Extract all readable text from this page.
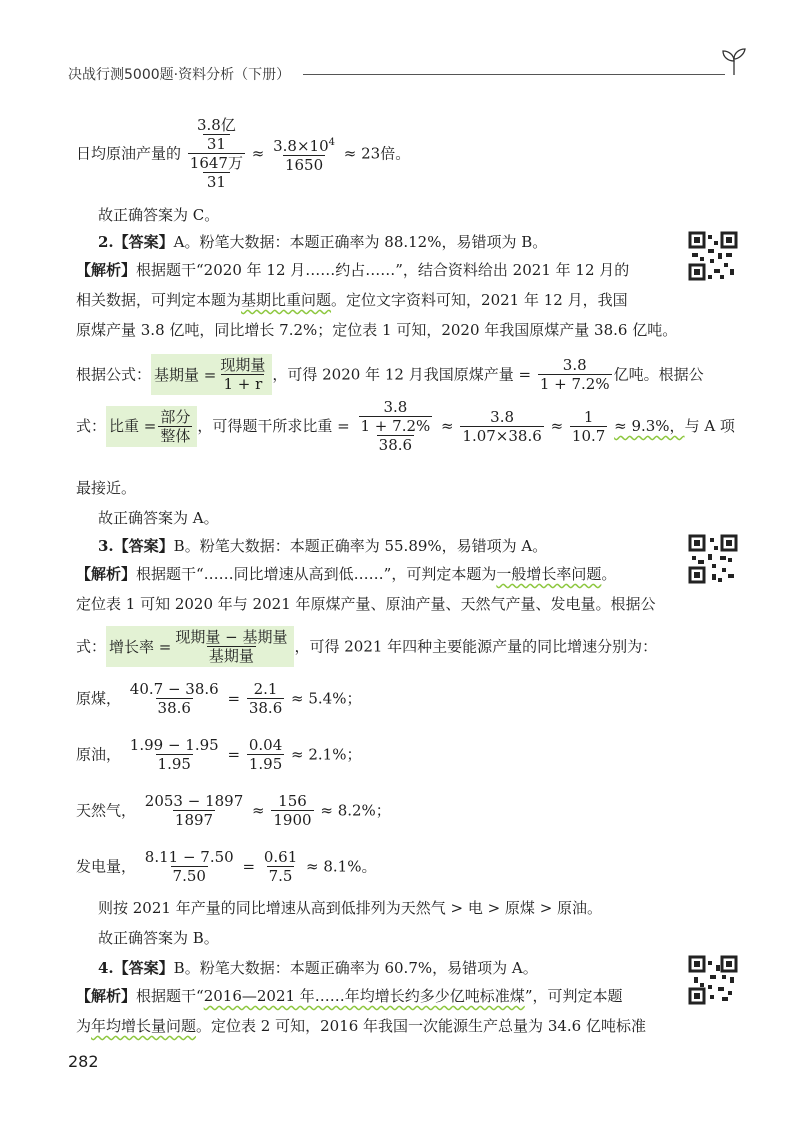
决战行测5000题·资料分析（下册）
日均原油产量的 3.8亿
31
1647万
$31 \approx \frac{3.8\times 10^4}{1650} \approx 23$倍。
故正确答案为 C。
2.【答案】A。粉笔大数据：本题正确率为 88.12%，易错项为 B。
【解析】根据题干“2020 年 12 月……约占……”，结合资料给出 2021 年 12 月的
相关数据，可判定本题为基期比重问题。定位文字资料可知，2021 年 12 月，我国
原煤产量 3.8 亿吨，同比增长 7.2%；定位表 1 可知，2020 年我国原煤产量 38.6 亿吨。
根据公式： 基期量 = $\frac{\text{现期量}}{1 + r}$ ，可得 2020 年 12 月我国原煤产量 = $\frac{3.8}{1 + 7.2\%}$ 亿吨。根据公
式： 比重 = $\frac{\text{部分}}{\text{整体}}$ ，可得题干所求比重 = $\frac{\frac{3.8}{1 + 7.2\%}}{38.6} \approx \frac{3.8}{1.07\times 38.6} \approx \frac{1}{10.7} \approx 9.3\%$，与 A 项
最接近。
故正确答案为 A。
3.【答案】B。粉笔大数据：本题正确率为 55.89%，易错项为 A。
【解析】根据题干“……同比增速从高到低……”，可判定本题为一般增长率问题。
定位表 1 可知 2020 年与 2021 年原煤产量、原油产量、天然气产量、发电量。根据公
式： 增长率 = $\frac{\text{现期量 − 基期量}}{\text{基期量}}$ ，可得 2021 年四种主要能源产量的同比增速分别为：
原煤， $\frac{40.7 - 38.6}{38.6} = \frac{2.1}{38.6} \approx 5.4\%$；
原油， $\frac{1.99 - 1.95}{1.95} = \frac{0.04}{1.95} \approx 2.1\%$；
天然气， $\frac{2053 - 1897}{1897} \approx \frac{156}{1900} \approx 8.2\%$；
发电量， $\frac{8.11 - 7.50}{7.50} = \frac{0.61}{7.5} \approx 8.1\%$。
则按 2021 年产量的同比增速从高到低排列为天然气 > 电 > 原煤 > 原油。
故正确答案为 B。
4.【答案】B。粉笔大数据：本题正确率为 60.7%，易错项为 A。
【解析】根据题干“2016—2021 年……年均增长约多少亿吨标准煤”，可判定本题
为年均增长量问题。定位表 2 可知，2016 年我国一次能源生产总量为 34.6 亿吨标准
282
